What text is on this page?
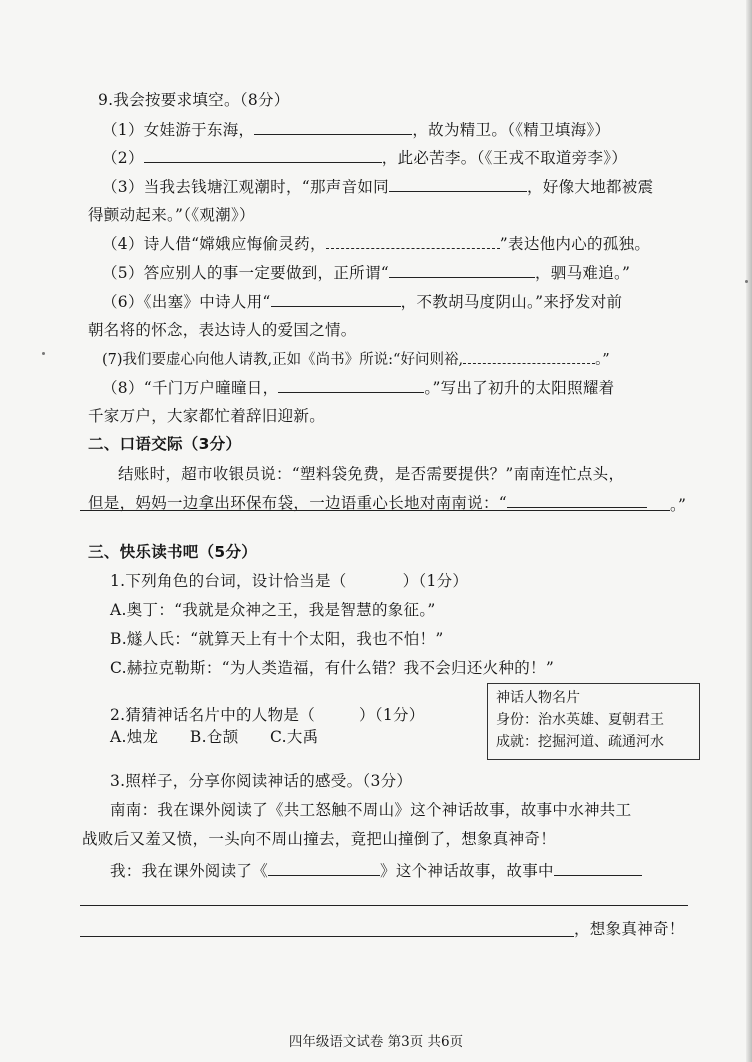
9.我会按要求填空。（8分）
（1）女娃游于东海，	，故为精卫。（《精卫填海》）
（2）	，此必苦李。（《王戎不取道旁李》）
（3）当我去钱塘江观潮时，“那声音如同	，好像大地都被震
得颤动起来。”（《观潮》）
（4）诗人借“嫦娥应悔偷灵药，	”表达他内心的孤独。
（5）答应别人的事一定要做到，正所谓“	，驷马难追。”
（6）《出塞》中诗人用“	，不教胡马度阴山。”来抒发对前
朝名将的怀念，表达诗人的爱国之情。
(7)我们要虚心向他人请教,正如《尚书》所说:“好问则裕,	。”
（8）“千门万户曈曈日，	。”写出了初升的太阳照耀着
千家万户，大家都忙着辞旧迎新。
二、口语交际（3分）
结账时，超市收银员说：“塑料袋免费，是否需要提供？”南南连忙点头，
但是，妈妈一边拿出环保布袋，一边语重心长地对南南说：“	。”
三、快乐读书吧（5分）
1.下列角色的台词，设计恰当是（	）（1分）
A.奥丁：“我就是众神之王，我是智慧的象征。”
B.燧人氏：“就算天上有十个太阳，我也不怕！”
C.赫拉克勒斯：“为人类造福，有什么错？我不会归还火种的！”
2.猜猜神话名片中的人物是（	）（1分）
A.烛龙　　B.仓颉　　C.大禹
神话人物名片
身份：治水英雄、夏朝君王
成就：挖掘河道、疏通河水
3.照样子，分享你阅读神话的感受。（3分）
南南：我在课外阅读了《共工怒触不周山》这个神话故事，故事中水神共工
战败后又羞又愤，一头向不周山撞去，竟把山撞倒了，想象真神奇！
我：我在课外阅读了《	》这个神话故事，故事中
，想象真神奇！
四年级语文试卷 第3页 共6页
